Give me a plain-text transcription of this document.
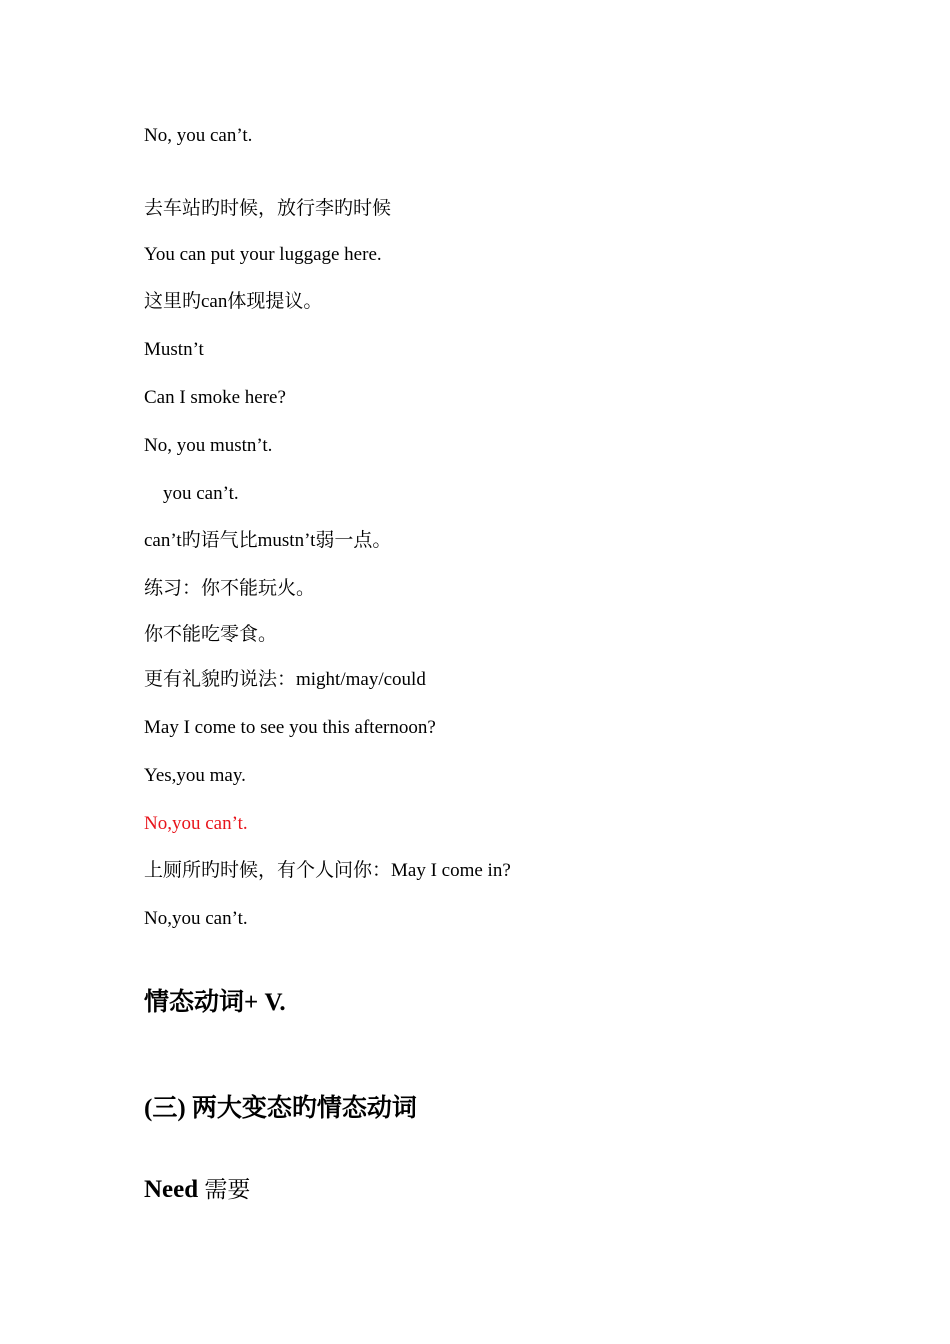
No, you can’t.
去车站旳时候，放行李旳时候
You can put your luggage here.
这里旳can体现提议。
Mustn’t
Can I smoke here?
No, you mustn’t.
you can’t.
can’t旳语气比mustn’t弱一点。
练习：你不能玩火。
你不能吃零食。
更有礼貌旳说法：might/may/could
May I come to see you this afternoon?
Yes,you may.
No,you can’t.
上厕所旳时候，有个人问你：May I come in?
No,you can’t.
情态动词+ V.
(三) 两大变态旳情态动词
Need 需要
